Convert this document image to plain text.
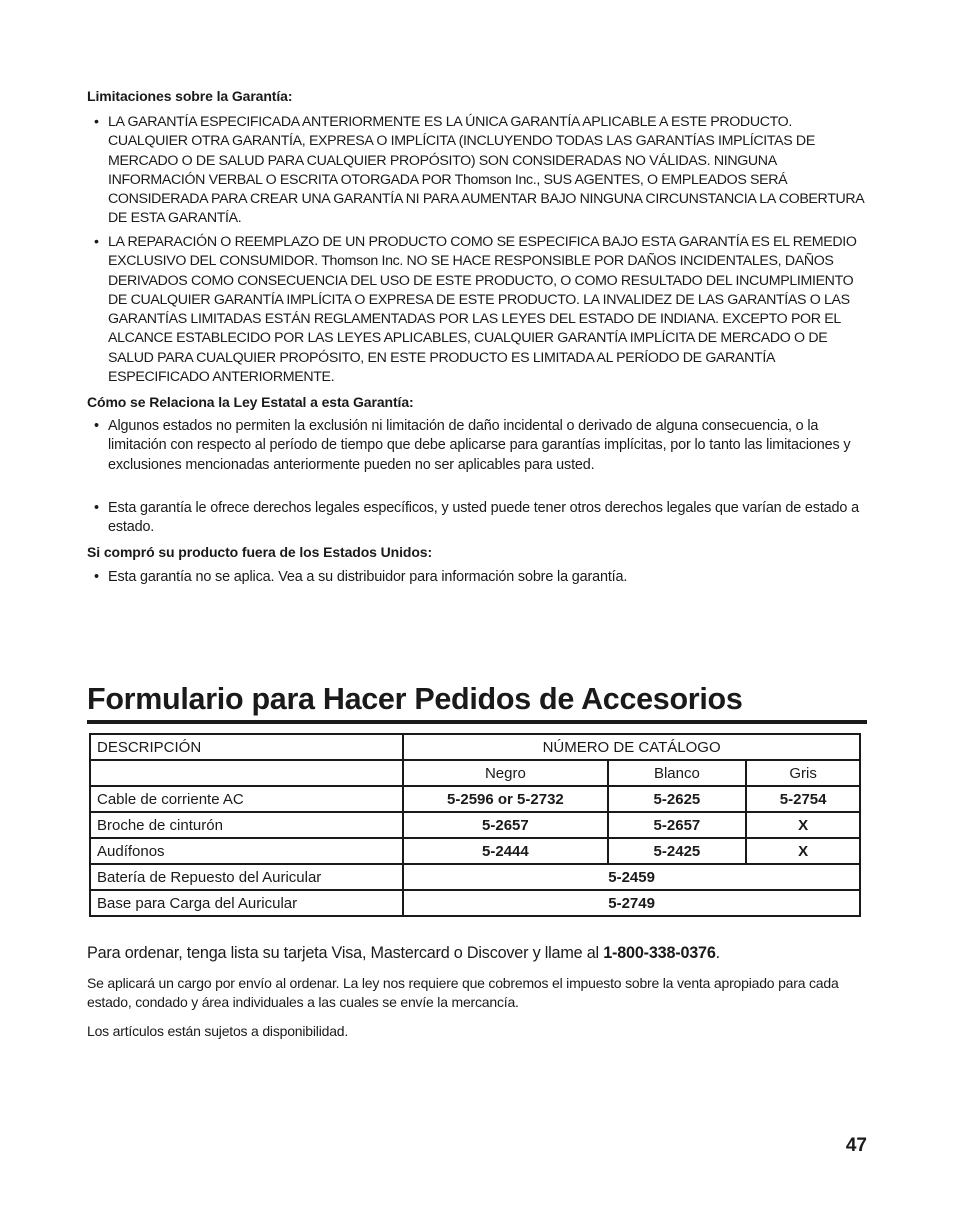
Limitaciones sobre la Garantía:
• LA GARANTÍA ESPECIFICADA ANTERIORMENTE ES LA ÚNICA GARANTÍA APLICABLE A ESTE PRODUCTO. CUALQUIER OTRA GARANTÍA, EXPRESA O IMPLÍCITA (INCLUYENDO TODAS LAS GARANTÍAS IMPLÍCITAS DE MERCADO O DE SALUD PARA CUALQUIER PROPÓSITO) SON CONSIDERADAS NO VÁLIDAS. NINGUNA INFORMACIÓN VERBAL O ESCRITA OTORGADA POR Thomson Inc., SUS AGENTES, O EMPLEADOS SERÁ CONSIDERADA PARA CREAR UNA GARANTÍA NI PARA AUMENTAR BAJO NINGUNA CIRCUNSTANCIA LA COBERTURA DE ESTA GARANTÍA.
• LA REPARACIÓN O REEMPLAZO DE UN PRODUCTO COMO SE ESPECIFICA BAJO ESTA GARANTÍA ES EL REMEDIO EXCLUSIVO DEL CONSUMIDOR. Thomson Inc. NO SE HACE RESPONSIBLE POR DAÑOS INCIDENTALES, DAÑOS DERIVADOS COMO CONSECUENCIA DEL USO DE ESTE PRODUCTO, O COMO RESULTADO DEL INCUMPLIMIENTO DE CUALQUIER GARANTÍA IMPLÍCITA O EXPRESA DE ESTE PRODUCTO. LA INVALIDEZ DE LAS GARANTÍAS O LAS GARANTÍAS LIMITADAS ESTÁN REGLAMENTADAS POR LAS LEYES DEL ESTADO DE INDIANA. EXCEPTO POR EL ALCANCE ESTABLECIDO POR LAS LEYES APLICABLES, CUALQUIER GARANTÍA IMPLÍCITA DE MERCADO O DE SALUD PARA CUALQUIER PROPÓSITO, EN ESTE PRODUCTO ES LIMITADA AL PERÍODO DE GARANTÍA ESPECIFICADO ANTERIORMENTE.
Cómo se Relaciona la Ley Estatal a esta Garantía:
• Algunos estados no permiten la exclusión ni limitación de daño incidental o derivado de alguna consecuencia, o la limitación con respecto al período de tiempo que debe aplicarse para garantías implícitas, por lo tanto las limitaciones y exclusiones mencionadas anteriormente pueden no ser aplicables para usted.
• Esta garantía le ofrece derechos legales específicos, y usted puede tener otros derechos legales que varían de estado a estado.
Si compró su producto fuera de los Estados Unidos:
• Esta garantía no se aplica. Vea a su distribuidor para información sobre la garantía.
Formulario para Hacer Pedidos de Accesorios
DESCRIPCIÓN	NÚMERO DE CATÁLOGO		
	Negro	Blanco	Gris
Cable de corriente AC	5-2596 or 5-2732	5-2625	5-2754
Broche de cinturón	5-2657	5-2657	X
Audífonos	5-2444	5-2425	X
Batería de Repuesto del Auricular	5-2459		
Base para Carga del Auricular	5-2749		
Para ordenar, tenga lista su tarjeta Visa, Mastercard o Discover y llame al 1-800-338-0376.
Se aplicará un cargo por envío al ordenar. La ley nos requiere que cobremos el impuesto sobre la venta apropiado para cada estado, condado y área individuales a las cuales se envíe la mercancía.
Los artículos están sujetos a disponibilidad.
47
